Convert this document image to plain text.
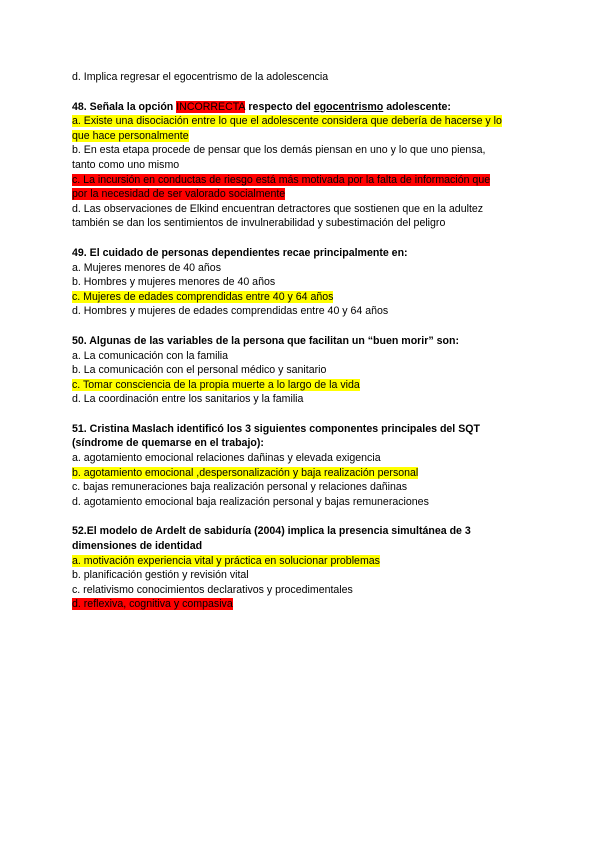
d. Implica regresar el egocentrismo de la adolescencia
48. Señala la opción INCORRECTA respecto del egocentrismo adolescente:
a. Existe una disociación entre lo que el adolescente considera que debería de hacerse y lo
que hace personalmente
b. En esta etapa procede de pensar que los demás piensan en uno y lo que uno piensa,
tanto como uno mismo
c. La incursión en conductas de riesgo está más motivada por la falta de información que
por la necesidad de ser valorado socialmente
d. Las observaciones de Elkind encuentran detractores que sostienen que en la adultez
también se dan los sentimientos de invulnerabilidad y subestimación del peligro
49. El cuidado de personas dependientes recae principalmente en:
a. Mujeres menores de 40 años
b. Hombres y mujeres menores de 40 años
c. Mujeres de edades comprendidas entre 40 y 64 años
d. Hombres y mujeres de edades comprendidas entre 40 y 64 años
50. Algunas de las variables de la persona que facilitan un “buen morir” son:
a. La comunicación con la familia
b. La comunicación con el personal médico y sanitario
c. Tomar consciencia de la propia muerte a lo largo de la vida
d. La coordinación entre los sanitarios y la familia
51. Cristina Maslach identificó los 3 siguientes componentes principales del SQT
(síndrome de quemarse en el trabajo):
a. agotamiento emocional relaciones dañinas y elevada exigencia
b. agotamiento emocional ,despersonalización y baja realización personal
c. bajas remuneraciones baja realización personal y relaciones dañinas
d. agotamiento emocional baja realización personal y bajas remuneraciones
52.El modelo de Ardelt de sabiduría (2004) implica la presencia simultánea de 3
dimensiones de identidad
a. motivación experiencia vital y práctica en solucionar problemas
b. planificación gestión y revisión vital
c. relativismo conocimientos declarativos y procedimentales
d. reflexiva, cognitiva y compasiva
